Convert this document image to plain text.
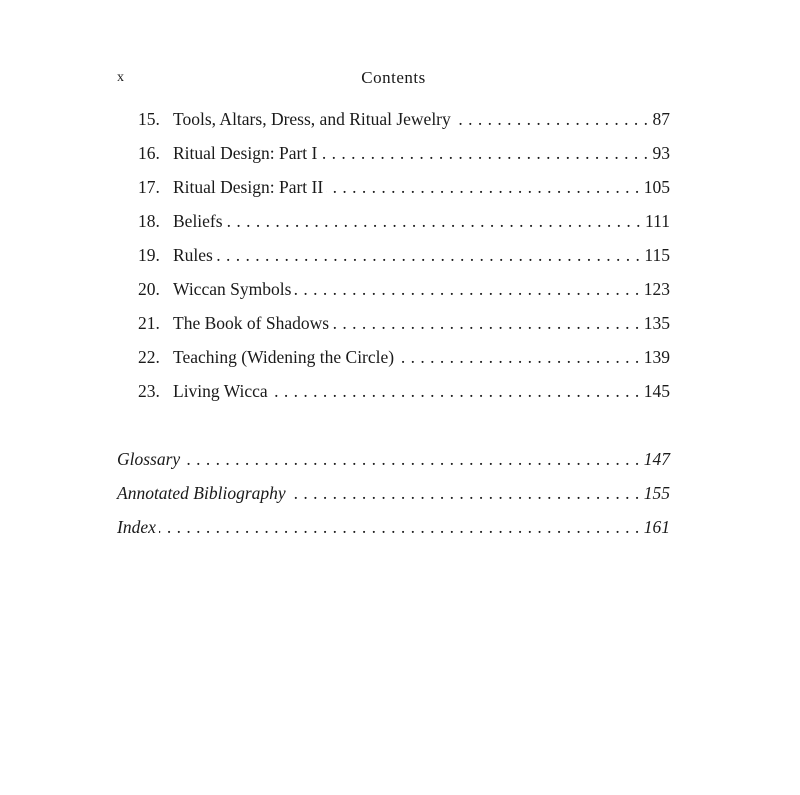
x	Contents
15. Tools, Altars, Dress, and Ritual Jewelry . . .	87
16. Ritual Design: Part I . . .	93
17. Ritual Design: Part II . . .	105
18. Beliefs . . .	111
19. Rules . . .	115
20. Wiccan Symbols . . .	123
21. The Book of Shadows . . .	135
22. Teaching (Widening the Circle) . . .	139
23. Living Wicca . . .	145
Glossary . . .	147
Annotated Bibliography . . .	155
Index . . .	161
